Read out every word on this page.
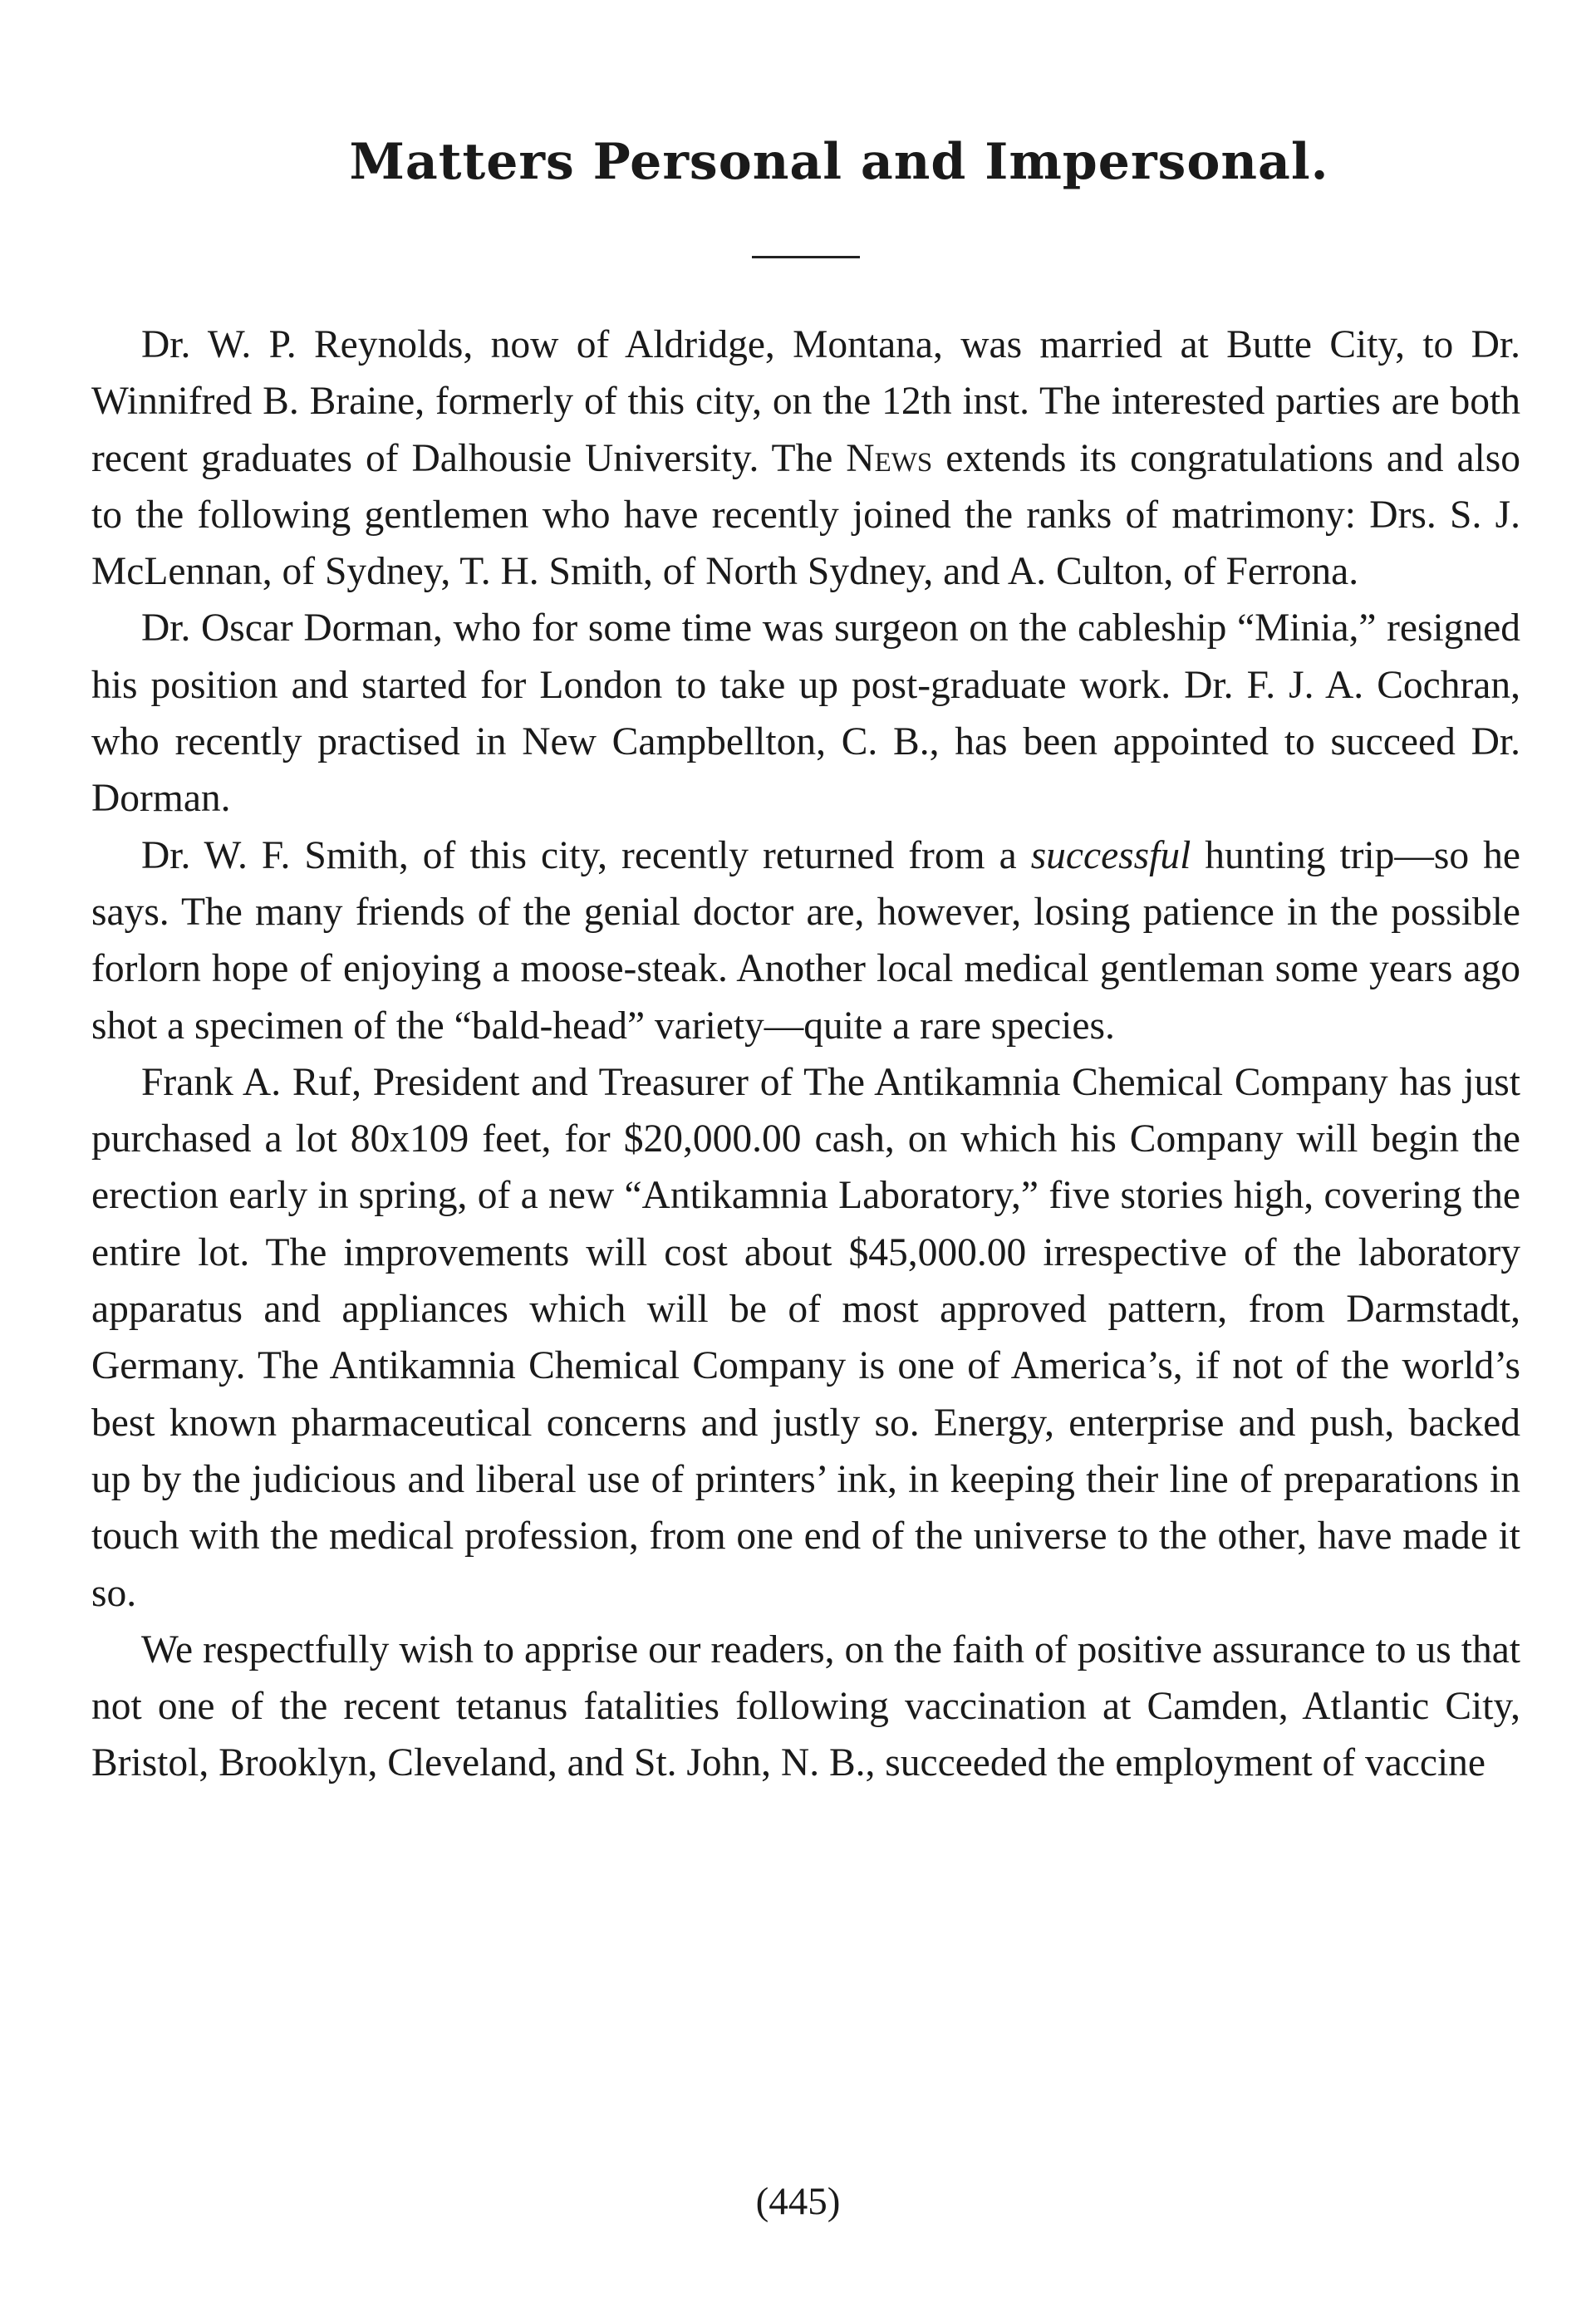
Matters Personal and Impersonal.

Dr. W. P. Reynolds, now of Aldridge, Montana, was married at Butte City, to Dr. Winnifred B. Braine, formerly of this city, on the 12th inst. The interested parties are both recent graduates of Dalhousie University. The News extends its congratulations and also to the following gentlemen who have recently joined the ranks of matrimony: Drs. S. J. McLennan, of Sydney, T. H. Smith, of North Sydney, and A. Culton, of Ferrona.

Dr. Oscar Dorman, who for some time was surgeon on the cableship “Minia,” resigned his position and started for London to take up post-graduate work. Dr. F. J. A. Cochran, who recently practised in New Campbellton, C. B., has been appointed to succeed Dr. Dorman.

Dr. W. F. Smith, of this city, recently returned from a successful hunting trip—so he says. The many friends of the genial doctor are, however, losing patience in the possible forlorn hope of enjoying a moose-steak. Another local medical gentleman some years ago shot a specimen of the “bald-head” variety—quite a rare species.

Frank A. Ruf, President and Treasurer of The Antikamnia Chemical Company has just purchased a lot 80x109 feet, for $20,000.00 cash, on which his Company will begin the erection early in spring, of a new “Antikamnia Laboratory,” five stories high, covering the entire lot. The improvements will cost about $45,000.00 irrespective of the laboratory apparatus and appliances which will be of most approved pattern, from Darmstadt, Germany. The Antikamnia Chemical Company is one of America’s, if not of the world’s best known pharmaceutical concerns and justly so. Energy, enterprise and push, backed up by the judicious and liberal use of printers’ ink, in keeping their line of preparations in touch with the medical profession, from one end of the universe to the other, have made it so.

We respectfully wish to apprise our readers, on the faith of positive assurance to us that not one of the recent tetanus fatalities following vaccination at Camden, Atlantic City, Bristol, Brooklyn, Cleveland, and St. John, N. B., succeeded the employment of vaccine

(445)
